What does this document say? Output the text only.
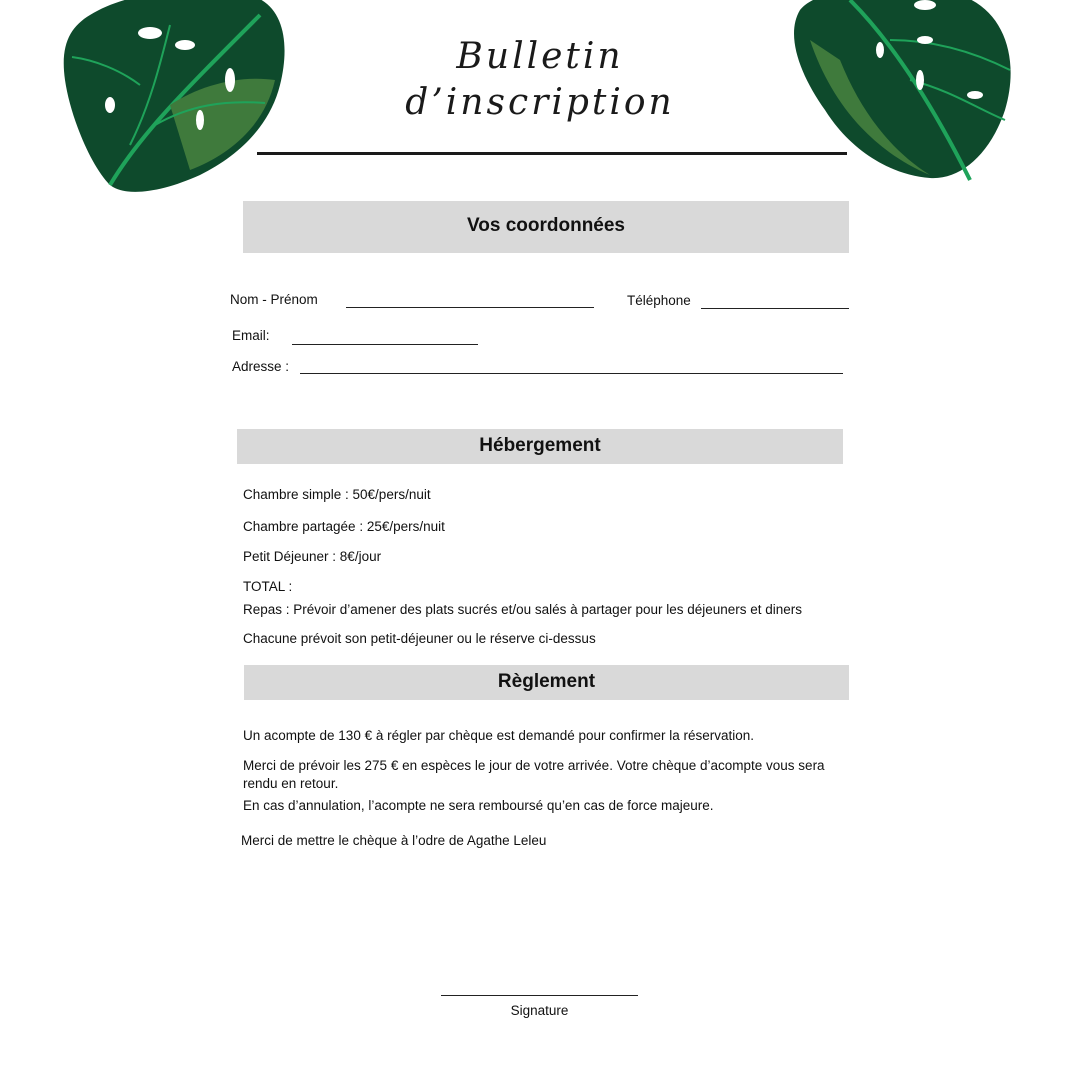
Bulletin
d’inscription
Vos coordonnées
Nom - Prénom	Téléphone
Email:
Adresse :
Hébergement
Chambre simple : 50€/pers/nuit
Chambre partagée : 25€/pers/nuit
Petit Déjeuner : 8€/jour
TOTAL :
Repas : Prévoir d’amener des plats sucrés et/ou salés à partager pour les déjeuners et diners
Chacune prévoit son petit-déjeuner ou le réserve ci-dessus
Règlement
Un acompte de 130 € à régler par chèque est demandé pour confirmer la réservation.
Merci de prévoir les 275 € en espèces le jour de votre arrivée. Votre chèque d’acompte vous sera rendu en retour.
En cas d’annulation, l’acompte ne sera remboursé qu’en cas de force majeure.
Merci de mettre le chèque à l’odre de Agathe Leleu
Signature
